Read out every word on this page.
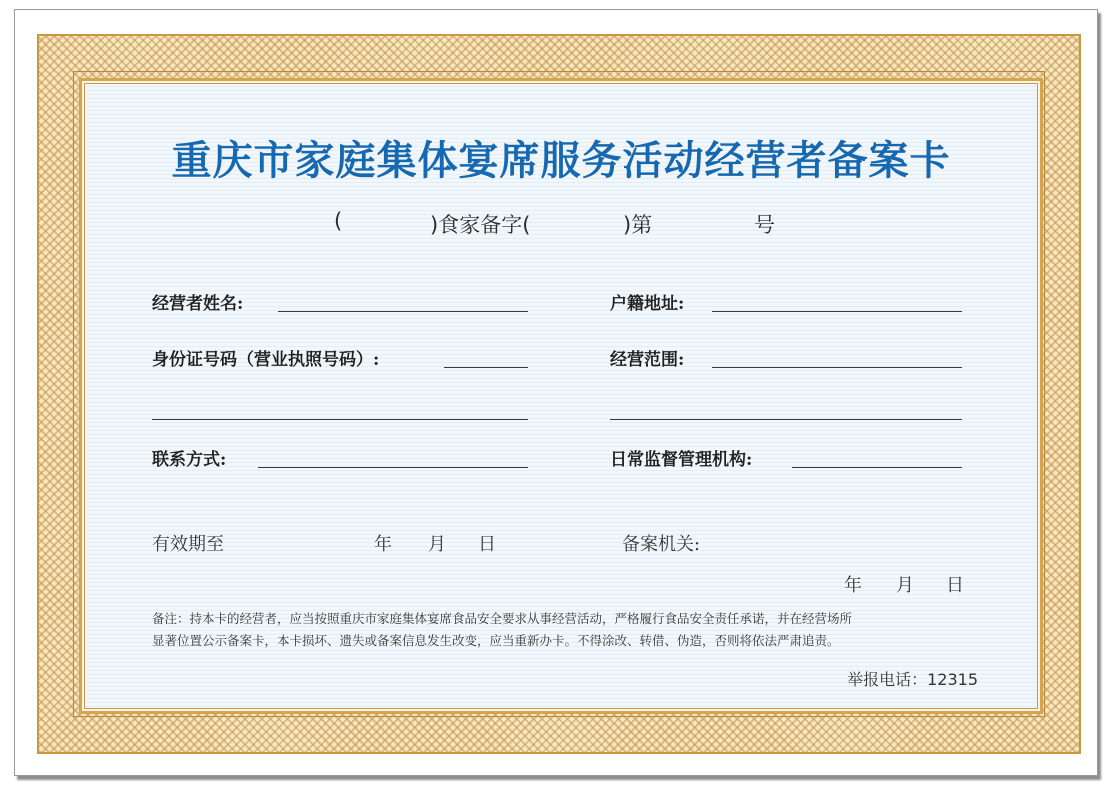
重庆市家庭集体宴席服务活动经营者备案卡
(	)食家备字(	)第	号
经营者姓名:	户籍地址:
身份证号码（营业执照号码）:	经营范围:
联系方式:	日常监督管理机构:
有效期至	年 月 日	备案机关:
年 月 日
备注：持本卡的经营者，应当按照重庆市家庭集体宴席食品安全要求从事经营活动，严格履行食品安全责任承诺，并在经营场所
显著位置公示备案卡，本卡损坏、遗失或备案信息发生改变，应当重新办卡。不得涂改、转借、伪造，否则将依法严肃追责。
举报电话：12315
